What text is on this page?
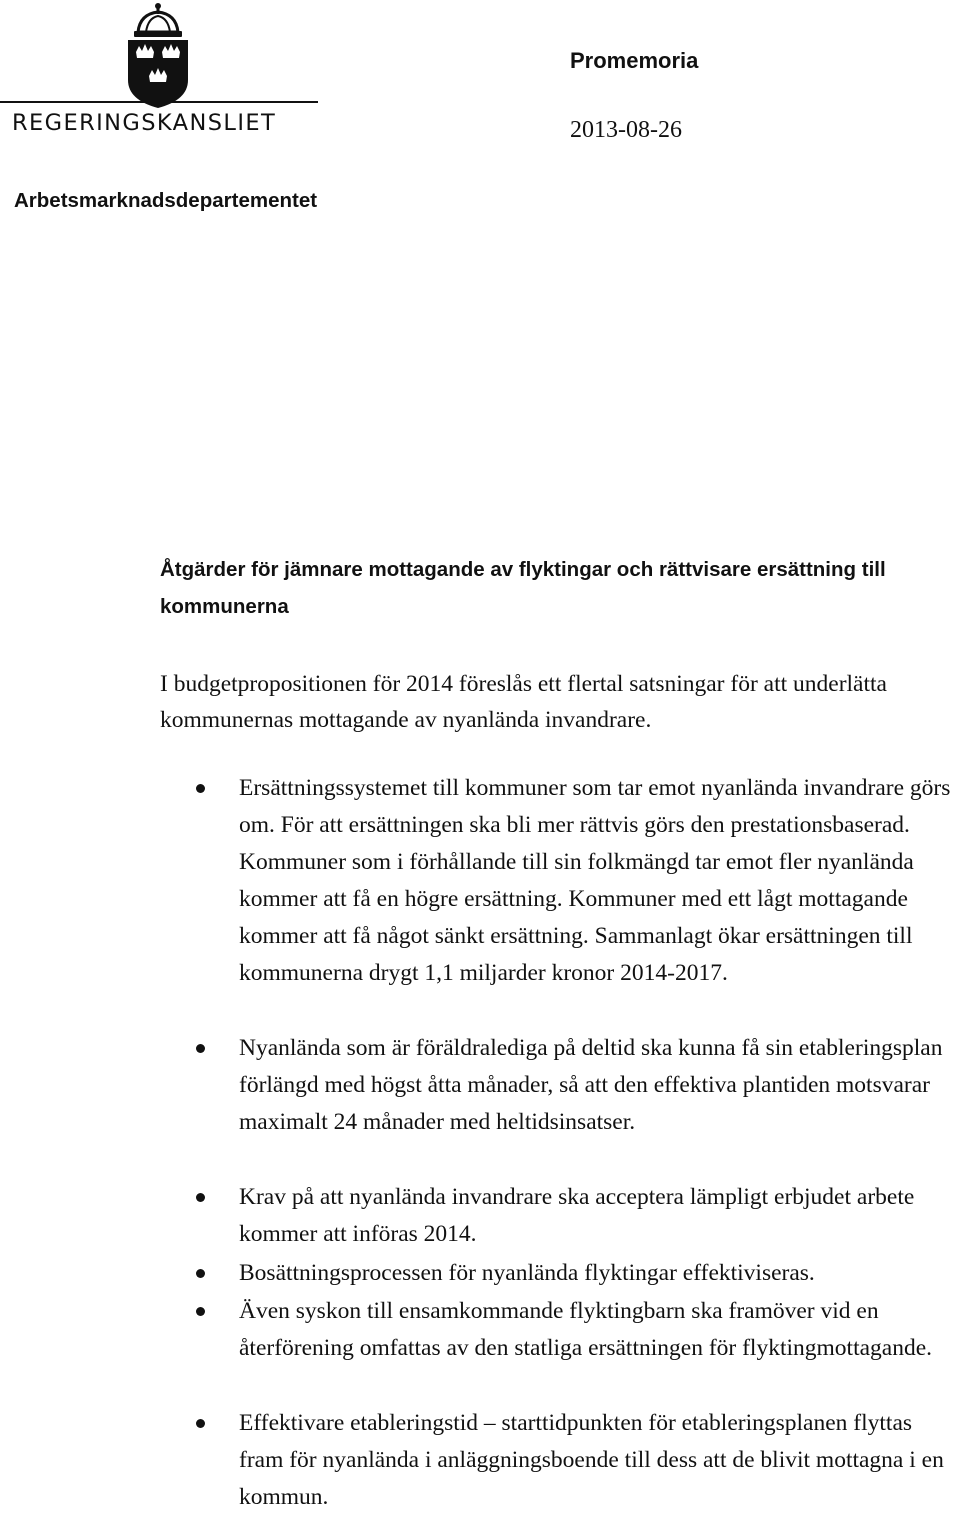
REGERINGSKANSLIET
Promemoria
2013-08-26
Arbetsmarknadsdepartementet
Åtgärder för jämnare mottagande av flyktingar och rättvisare ersättning till kommunerna

I budgetpropositionen för 2014 föreslås ett flertal satsningar för att underlätta kommunernas mottagande av nyanlända invandrare.

Ersättningssystemet till kommuner som tar emot nyanlända invandrare görs om. För att ersättningen ska bli mer rättvis görs den prestationsbaserad. Kommuner som i förhållande till sin folkmängd tar emot fler nyanlända kommer att få en högre ersättning. Kommuner med ett lågt mottagande kommer att få något sänkt ersättning. Sammanlagt ökar ersättningen till kommunerna drygt 1,1 miljarder kronor 2014-2017.
Nyanlända som är föräldralediga på deltid ska kunna få sin etableringsplan förlängd med högst åtta månader, så att den effektiva plantiden motsvarar maximalt 24 månader med heltidsinsatser.
Krav på att nyanlända invandrare ska acceptera lämpligt erbjudet arbete kommer att införas 2014.
Bosättningsprocessen för nyanlända flyktingar effektiviseras.
Även syskon till ensamkommande flyktingbarn ska framöver vid en återförening omfattas av den statliga ersättningen för flyktingmottagande.
Effektivare etableringstid – starttidpunkten för etableringsplanen flyttas fram för nyanlända i anläggningsboende till dess att de blivit mottagna i en kommun.
